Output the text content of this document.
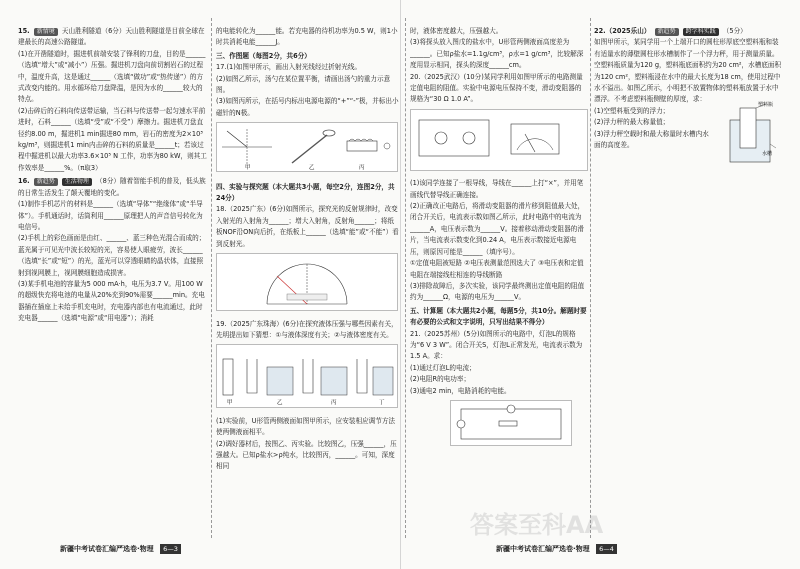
15. 新情境 天山胜利隧道（6分）天山胜利隧道是目前全球在建最长的高速公路隧道。

(1)在开凿隧道时，掘进机前端安装了锋利的刀盘，目的是______（选填“增大”或“减小”）压强。掘进机刀盘向前切割岩石的过程中，温度升高，这是通过______（选填“做功”或“热传递”）的方式改变内能的。用水循环给刀盘降温，是因为水的______较大的特点。

(2)击碎后的石料向传送带运输，当石料与传送带一起匀速水平前进时，石料______（选填“受”或“不受”）摩擦力。掘进机刀盘直径约8.00 m，掘进机1 min掘进80 mm，岩石的密度为2×10³ kg/m³，则掘进机1 min内击碎的石料的质量是______t；若该过程中掘进机以最大功率3.6×10⁵ N 工作，功率为80 kW，则其工作效率是______%。（π取3）

16. 新趋势 生活物理 （8分）随着智能手机的普及，低头族的日常生活发生了颠天覆地的变化。

(1)制作手机芯片的材料是______（选填“导体”“绝缘体”或“半导体”）。手机通话时，话筒利用______原理把人的声音信号转化为电信号。

(2)手机上的彩色画面是由红、______、蓝三种色光混合而成的；蓝光属于可见光中波长较短的光，容易使人眼疲劳，波长______（选填“长”或“短”）的光，蓝光可以穿透眼睛的晶状体，直接照射到视网膜上，视网膜细胞造成损害。

(3)某手机电池的容量为5 000 mA·h，电压为3.7 V。用100 W的超级快充将电池的电量从20%充到90%需要______min。充电器插在插座上未给手机充电时，充电器内部也有电流通过，此时充电器______（选填“电源”或“用电器”）；消耗

的电能转化为______能。若充电器的待机功率为0.5 W，则1小时共消耗电能______J。

三、作图题（每图2分，共6分）

17.(1)如图甲所示，画出入射光线经过折射光线。

(2)如图乙所示，汤勺在某位置平衡，请画出汤勺的重力示意图。

(3)如图丙所示，在括号内标出电源电源的“+”“-”极，并标出小磁针的N极。

甲	乙	丙

四、实验与探究题（本大题共3小题，每空2分，连图2分，共24分）

18.（2025广东）(6分)如图所示，探究光的反射规律时，改变入射光的入射角为______；增大入射角，反射角______；将纸板NOF沿ON向后折，在纸板上______（选填“能”或“不能”）看到反射光。

19.（2025广东珠海）(6分)在探究液体压强与哪些因素有关，先明提出如下猜想：①与液体深度有关；②与液体密度有关。

甲	乙	丙	丁

(1)实验前，U形管两侧液面如图甲所示，应安装相应调节方法使两侧液面相平。

(2)调好器材后，按图乙、丙实验。比较图乙，压强______，压强越大。已知ρ盐水>ρ纯水，比较图丙，______。可知，深度相同

时，液体密度越大，压强越大。

(3)将探头放入图戊的盐水中，U形管两侧液面高度差为______。已知ρ盐水=1.1g/cm³，ρ水=1 g/cm³，比较解深度用显示相同，探头的深度______cm。

20.（2025武汉）(10分)某同学利用如图甲所示的电路测量定值电阻的阻值。实验中电源电压保持不变，滑动变阻器的规格为“30 Ω 1.0 A”。

(1)该同学连接了一根导线，导线在______上打“×”，并用笔画线代替导线正确连接。

(2)正确改正电路后，将滑动变阻器的滑片移到阻值最大处，闭合开关后，电流表示数如图乙所示，此时电路中的电流为______A，电压表示数为______V。接着移动滑动变阻器的滑片，当电流表示数变化到0.24 A，电压表示数接近电源电压，则原因可能是______（填序号）。

①定值电阻被短路 ②电压表测量范围选大了 ③电压表和定值电阻在端接线柱相连的导线断路

(3)排除故障后，多次实验，该同学最终测出定值电阻的阻值约为______Ω，电源的电压为______V。

五、计算题（本大题共2小题，每题5分，共10分。解题时要有必要的公式和文字说明，只写出结果不得分）

21.（2025苏州）(5分)如图所示的电路中，灯泡L的规格为“6 V 3 W”。闭合开关S，灯泡L正常发光，电流表示数为1.5 A。求：

(1)通过灯泡L的电流；

(2)电阻R的电功率；

(3)通电2 min，电路消耗的电能。

22.（2025乐山） 新趋势 跨学科实践 （5分）

如图甲所示，某同学用一个上端开口的圆柱形厚底空塑料瓶和装有适量水的薄壁圆柱形水槽制作了一个浮力秤，用于测量质量。空塑料瓶质量为120 g，塑料瓶底面积约为20 cm²，水槽底面积为120 cm²，塑料瓶浸在水中的最大长度为18 cm，使用过程中水不溢出。如图乙所示，小明把不放置物体的塑料瓶放置于水中漂浮。不考虑塑料瓶侧壁的厚度，求：

(1)空塑料瓶受到的浮力；

(2)浮力秤的最大称量值；

(3)浮力秤空载时和最大称量时水槽内水面的高度差。

塑料瓶
水槽
新疆中考试卷汇编严选卷·物理 6—3	新疆中考试卷汇编严选卷·物理 6—4
答案至科AA
